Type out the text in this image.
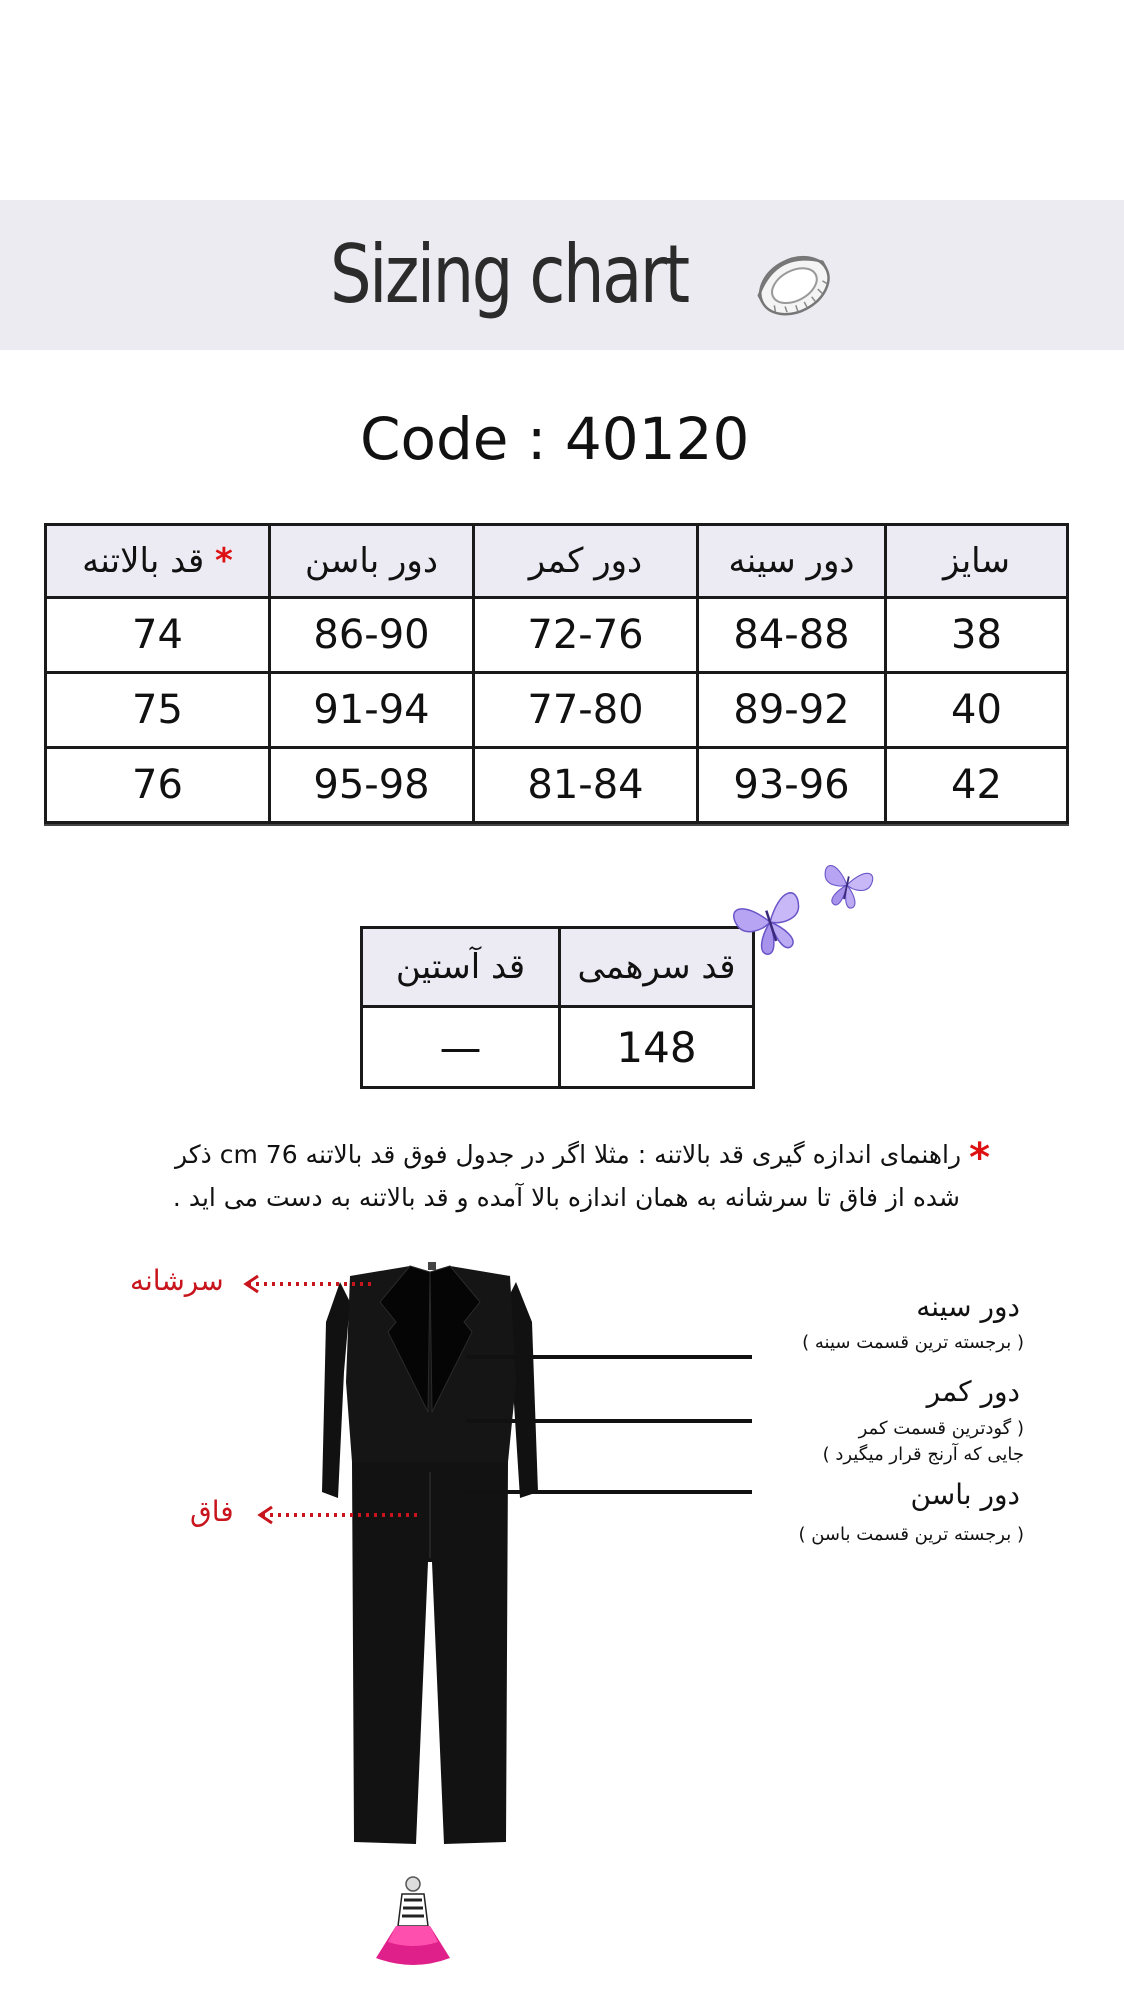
Sizing chart
Code : 40120
* قد بالاتنه	دور باسن	دور کمر	دور سینه	سایز
74	86-90	72-76	84-88	38
75	91-94	77-80	89-92	40
76	95-98	81-84	93-96	42
قد آستین	قد سرهمی
—	148
*راهنمای اندازه گیری قد بالاتنه : مثلا اگر در جدول فوق قد بالاتنه 76 cm ذکر
شده از فاق تا سرشانه به همان اندازه بالا آمده و قد بالاتنه به دست می اید .
سرشانه
فاق
دور سینه
( برجسته ترین قسمت سینه )
دور کمر
( گودترین قسمت کمر
جایی که آرنج قرار میگیرد )
دور باسن
( برجسته ترین قسمت باسن )
